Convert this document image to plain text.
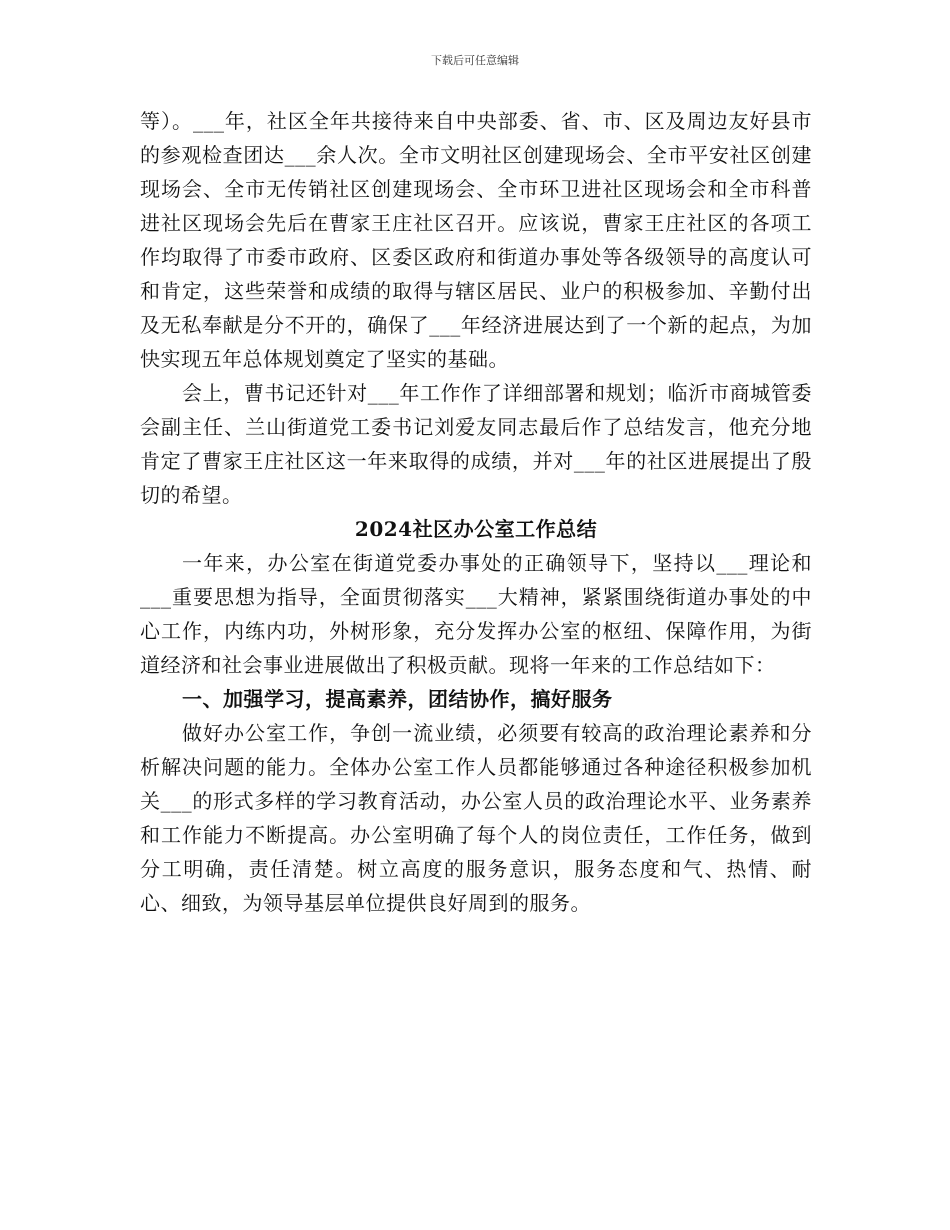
下载后可任意编辑

等）。___年，社区全年共接待来自中央部委、省、市、区及周边友好县市的参观检查团达___余人次。全市文明社区创建现场会、全市平安社区创建现场会、全市无传销社区创建现场会、全市环卫进社区现场会和全市科普进社区现场会先后在曹家王庄社区召开。应该说，曹家王庄社区的各项工作均取得了市委市政府、区委区政府和街道办事处等各级领导的高度认可和肯定，这些荣誉和成绩的取得与辖区居民、业户的积极参加、辛勤付出及无私奉献是分不开的，确保了___年经济进展达到了一个新的起点，为加快实现五年总体规划奠定了坚实的基础。

会上，曹书记还针对___年工作作了详细部署和规划；临沂市商城管委会副主任、兰山街道党工委书记刘爱友同志最后作了总结发言，他充分地肯定了曹家王庄社区这一年来取得的成绩，并对___年的社区进展提出了殷切的希望。

2024社区办公室工作总结

一年来，办公室在街道党委办事处的正确领导下，坚持以___理论和___重要思想为指导，全面贯彻落实___大精神，紧紧围绕街道办事处的中心工作，内练内功，外树形象，充分发挥办公室的枢纽、保障作用，为街道经济和社会事业进展做出了积极贡献。现将一年来的工作总结如下：

一、加强学习，提高素养，团结协作，搞好服务

做好办公室工作，争创一流业绩，必须要有较高的政治理论素养和分析解决问题的能力。全体办公室工作人员都能够通过各种途径积极参加机关___的形式多样的学习教育活动，办公室人员的政治理论水平、业务素养和工作能力不断提高。办公室明确了每个人的岗位责任，工作任务，做到分工明确，责任清楚。树立高度的服务意识，服务态度和气、热情、耐心、细致，为领导基层单位提供良好周到的服务。
